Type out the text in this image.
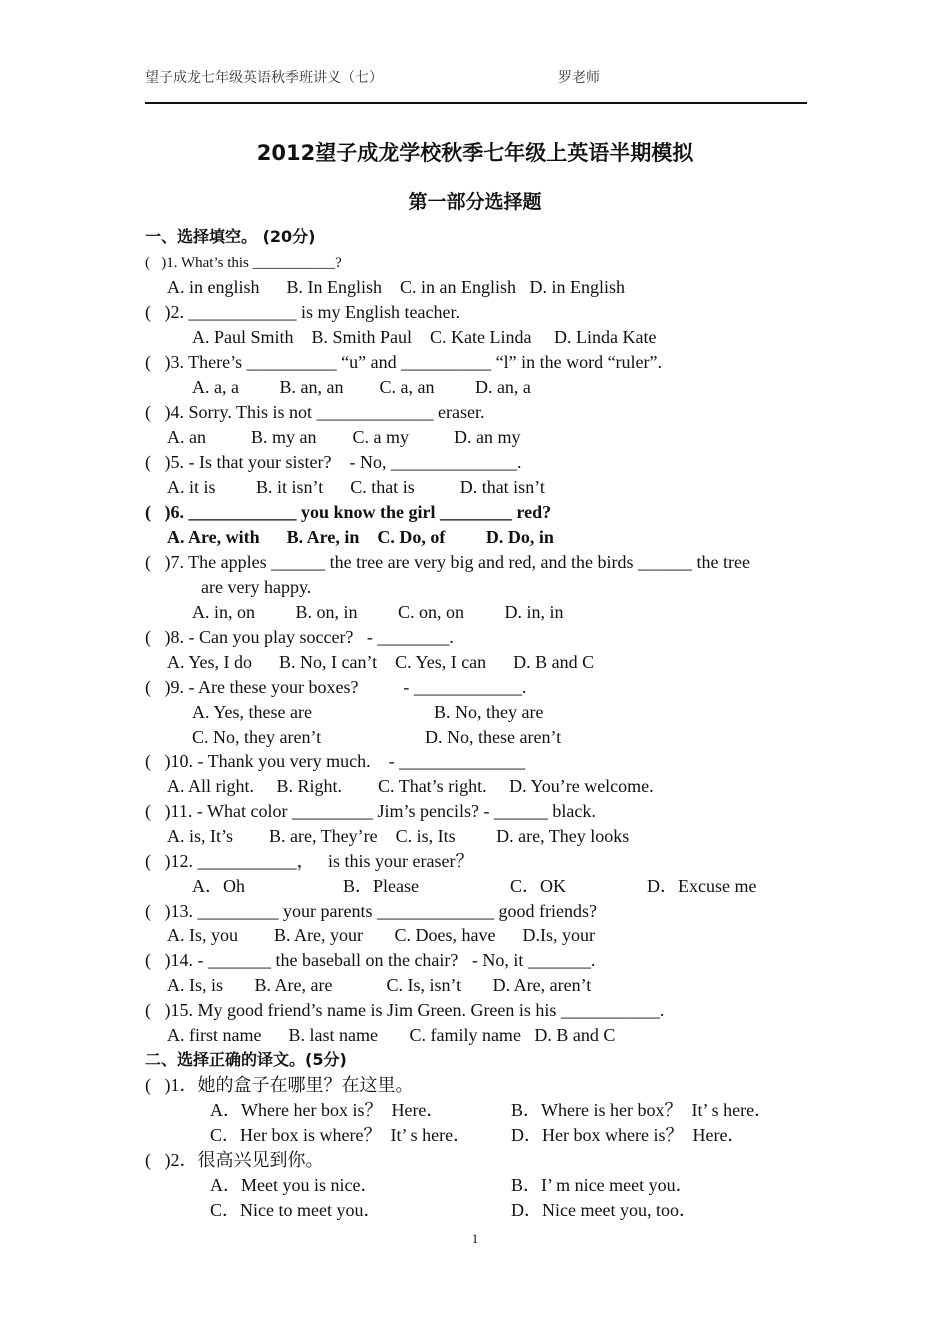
望子成龙七年级英语秋季班讲义（七）	罗老师
2012望子成龙学校秋季七年级上英语半期模拟
第一部分选择题
一、选择填空。 (20分)
(   )1. What’s this ___________?
A. in english      B. In English    C. in an English   D. in English
(   )2. ____________ is my English teacher.
A. Paul Smith    B. Smith Paul    C. Kate Linda     D. Linda Kate
(   )3. There’s __________ “u” and __________ “l” in the word “ruler”.
A. a, a         B. an, an        C. a, an         D. an, a
(   )4. Sorry. This is not _____________ eraser.
A. an          B. my an        C. a my          D. an my
(   )5. - Is that your sister?    - No, ______________.
A. it is         B. it isn’t      C. that is          D. that isn’t
(   )6. ____________ you know the girl ________ red?
A. Are, with      B. Are, in    C. Do, of         D. Do, in
(   )7. The apples ______ the tree are very big and red, and the birds ______ the tree
are very happy.
A. in, on         B. on, in         C. on, on         D. in, in
(   )8. - Can you play soccer?   - ________.
A. Yes, I do      B. No, I can’t    C. Yes, I can      D. B and C
(   )9. - Are these your boxes?          - ____________.
A. Yes, these are	B. No, they are
C. No, they aren’t	D. No, these aren’t
(   )10. - Thank you very much.    - ______________
A. All right.     B. Right.        C. That’s right.     D. You’re welcome.
(   )11. - What color _________ Jim’s pencils? - ______ black.
A. is, It’s        B. are, They’re    C. is, Its         D. are, They looks
(   )12. ___________，   is this your eraser？
A．Oh	B．Please	C．OK	D．Excuse me
(   )13. _________ your parents _____________ good friends?
A. Is, you        B. Are, your       C. Does, have      D.Is, your
(   )14. - _______ the baseball on the chair?   - No, it _______.
A. Is, is       B. Are, are            C. Is, isn’t       D. Are, aren’t
(   )15. My good friend’s name is Jim Green. Green is his ___________.
A. first name      B. last name       C. family name   D. B and C
二、选择正确的译文。(5分)
(   )1．她的盒子在哪里？在这里。
A．Where her box is？  Here．	B．Where is her box？  It’ s here．
C．Her box is where？  It’ s here． D．Her box where is？  Here．
(   )2．很高兴见到你。
A．Meet you is nice．	B．I’ m nice meet you．
C．Nice to meet you．	D．Nice meet you, too．
1
